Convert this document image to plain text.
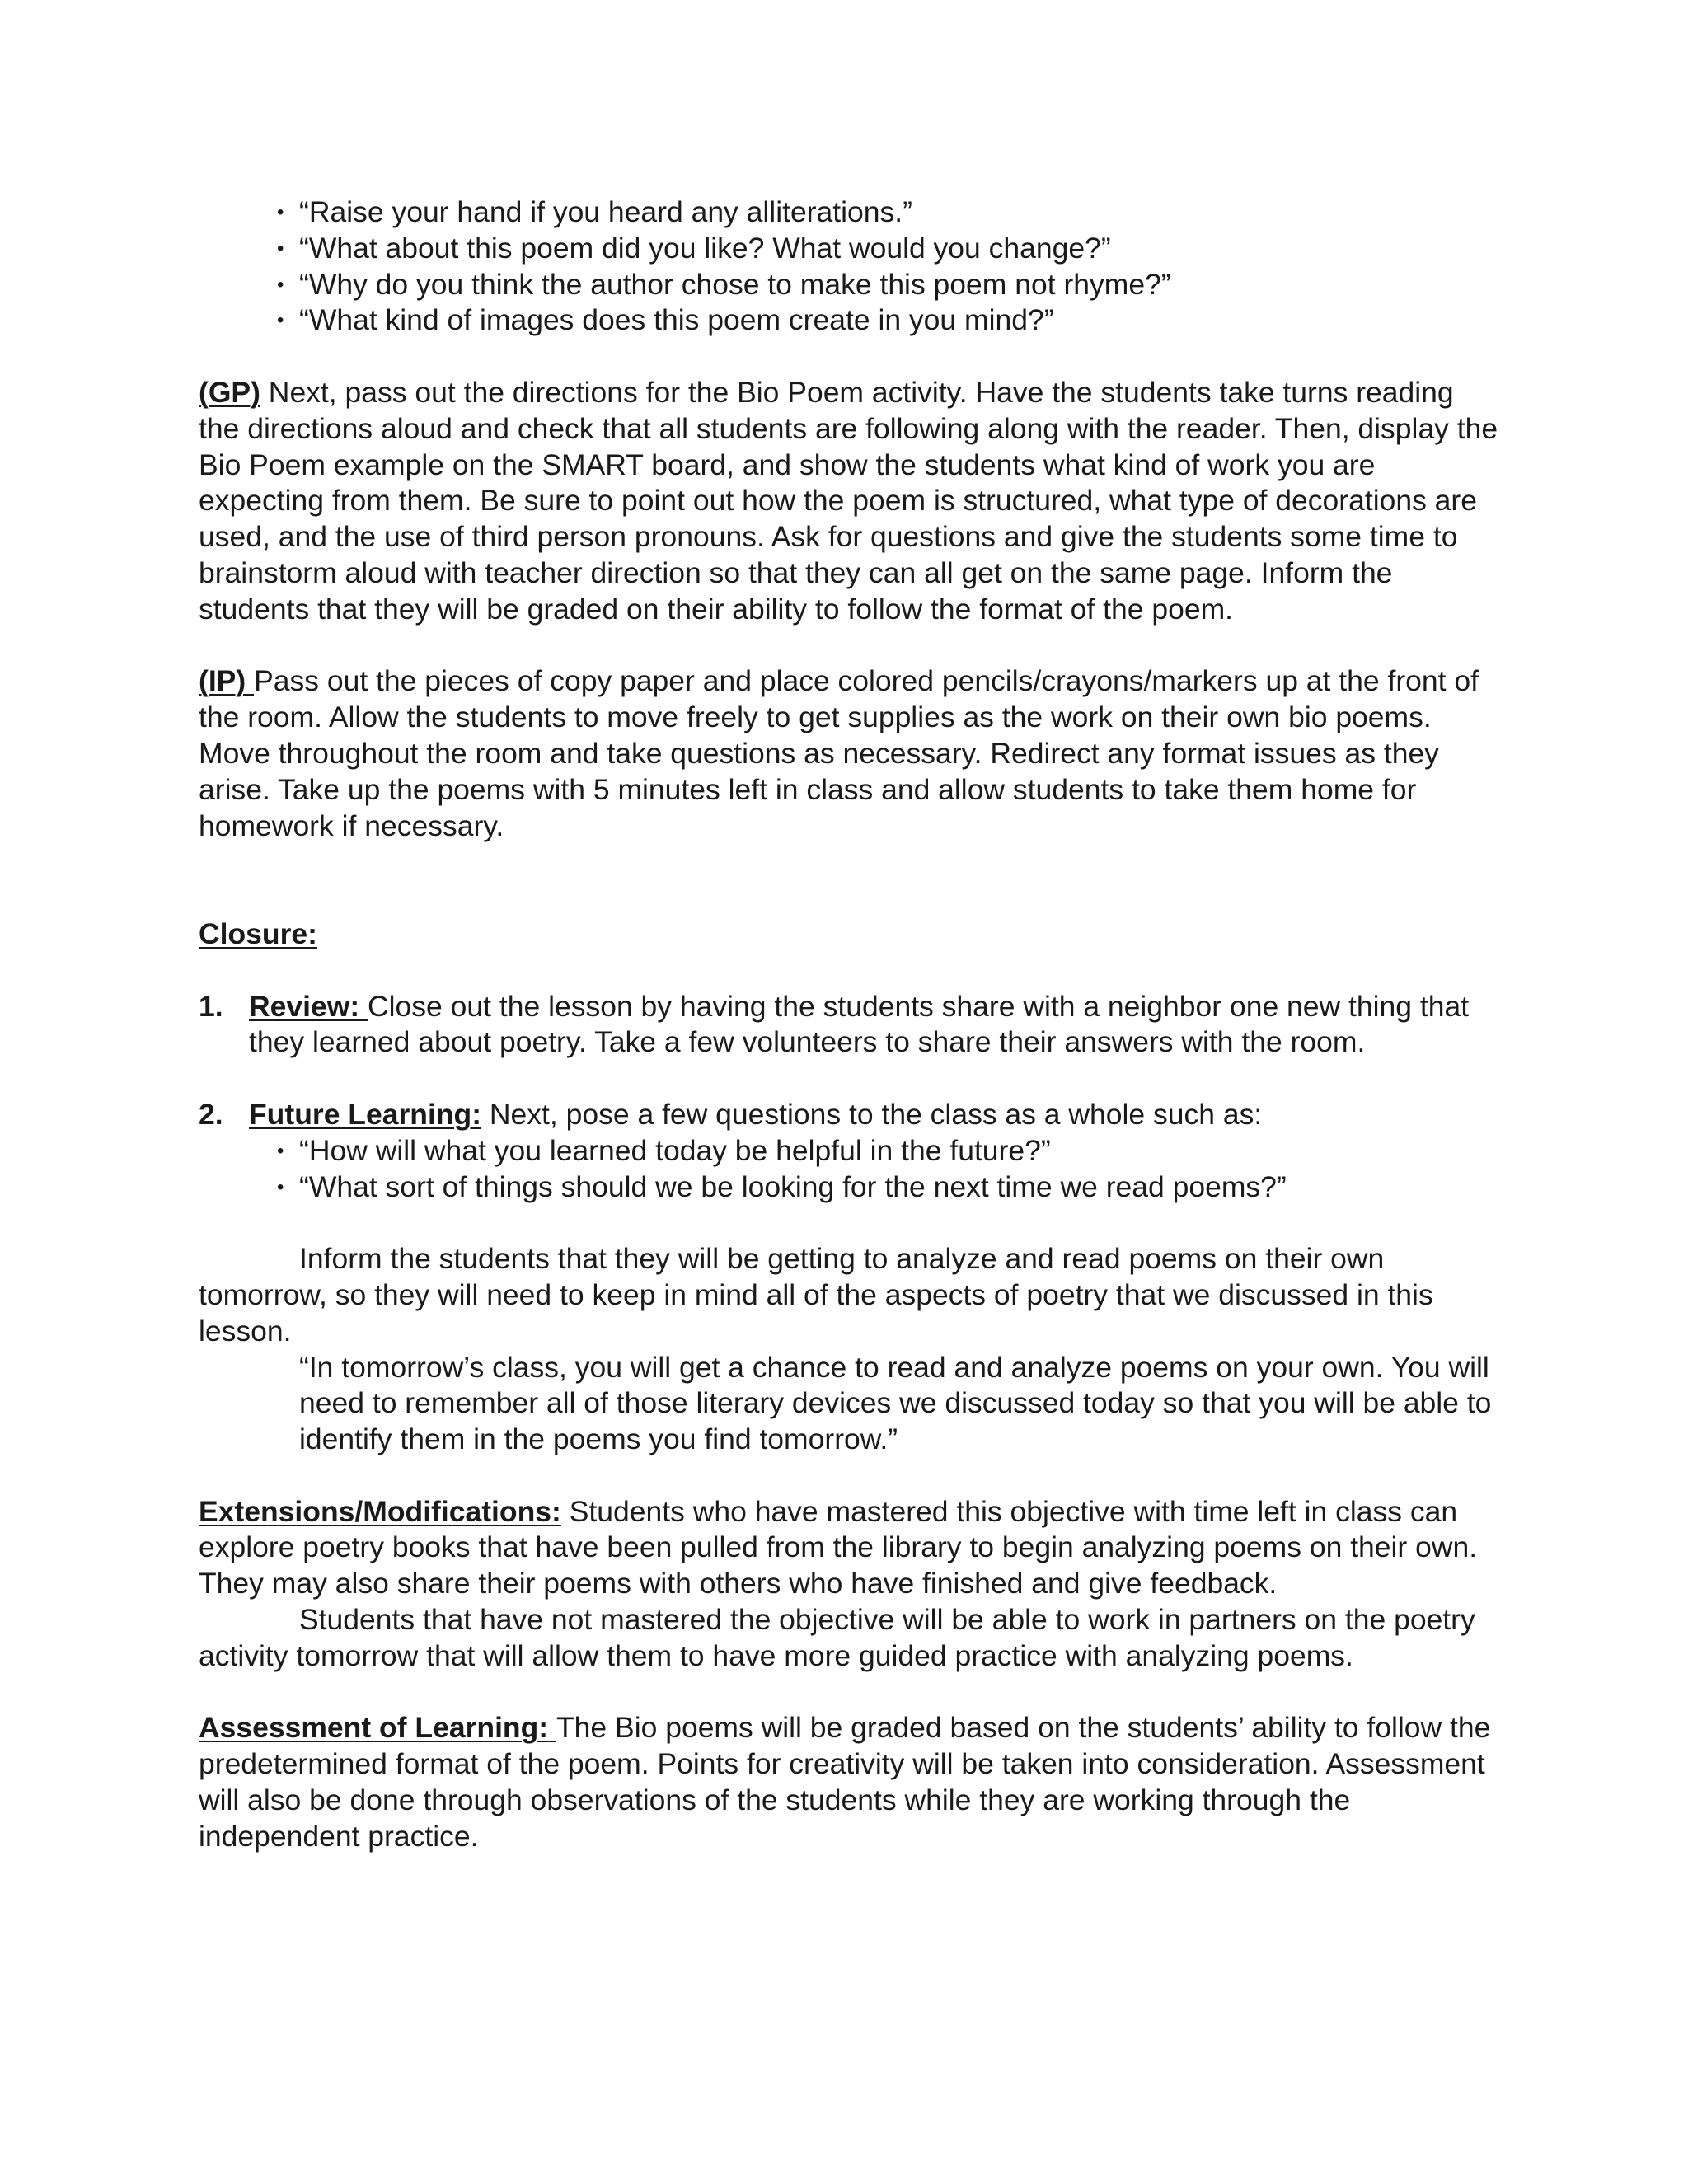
• “Raise your hand if you heard any alliterations.”
• “What about this poem did you like? What would you change?”
• “Why do you think the author chose to make this poem not rhyme?”
• “What kind of images does this poem create in you mind?”

(GP) Next, pass out the directions for the Bio Poem activity. Have the students take turns reading the directions aloud and check that all students are following along with the reader. Then, display the Bio Poem example on the SMART board, and show the students what kind of work you are expecting from them. Be sure to point out how the poem is structured, what type of decorations are used, and the use of third person pronouns. Ask for questions and give the students some time to brainstorm aloud with teacher direction so that they can all get on the same page. Inform the students that they will be graded on their ability to follow the format of the poem.

(IP) Pass out the pieces of copy paper and place colored pencils/crayons/markers up at the front of the room. Allow the students to move freely to get supplies as the work on their own bio poems. Move throughout the room and take questions as necessary. Redirect any format issues as they arise. Take up the poems with 5 minutes left in class and allow students to take them home for homework if necessary.

Closure:

1. Review: Close out the lesson by having the students share with a neighbor one new thing that they learned about poetry. Take a few volunteers to share their answers with the room.
2. Future Learning: Next, pose a few questions to the class as a whole such as:
• “How will what you learned today be helpful in the future?”
• “What sort of things should we be looking for the next time we read poems?”

Inform the students that they will be getting to analyze and read poems on their own tomorrow, so they will need to keep in mind all of the aspects of poetry that we discussed in this lesson.

“In tomorrow’s class, you will get a chance to read and analyze poems on your own. You will need to remember all of those literary devices we discussed today so that you will be able to identify them in the poems you find tomorrow.”

Extensions/Modifications: Students who have mastered this objective with time left in class can explore poetry books that have been pulled from the library to begin analyzing poems on their own. They may also share their poems with others who have finished and give feedback.

Students that have not mastered the objective will be able to work in partners on the poetry activity tomorrow that will allow them to have more guided practice with analyzing poems.

Assessment of Learning: The Bio poems will be graded based on the students’ ability to follow the predetermined format of the poem. Points for creativity will be taken into consideration. Assessment will also be done through observations of the students while they are working through the independent practice.
